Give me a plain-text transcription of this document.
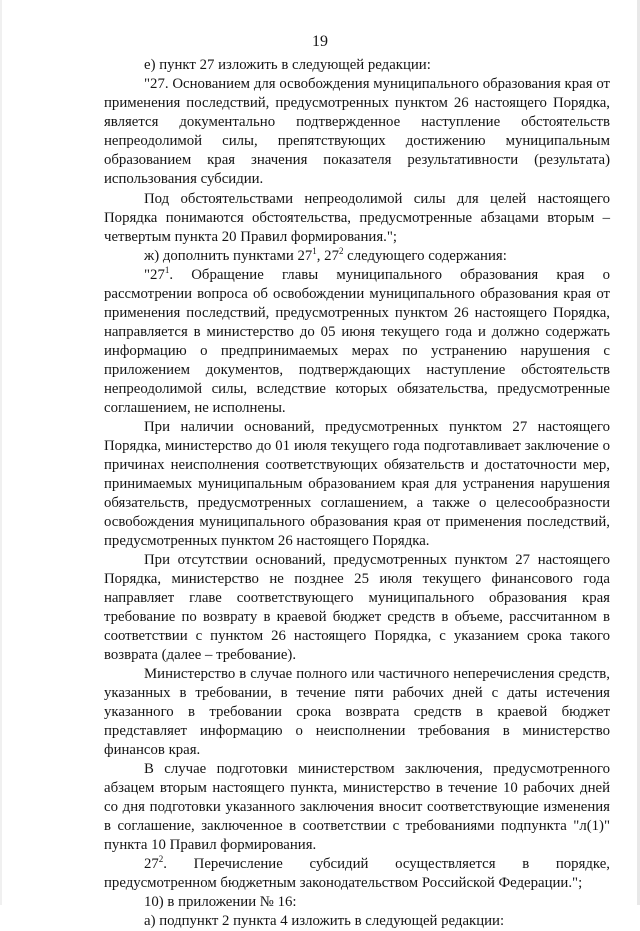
19

е) пункт 27 изложить в следующей редакции:

"27. Основанием для освобождения муниципального образования края от применения последствий, предусмотренных пунктом 26 настоящего Порядка, является документально подтвержденное наступление обстоятельств непреодолимой силы, препятствующих достижению муниципальным образованием края значения показателя результативности (результата) использования субсидии.

Под обстоятельствами непреодолимой силы для целей настоящего Порядка понимаются обстоятельства, предусмотренные абзацами вторым – четвертым пункта 20 Правил формирования.";

ж) дополнить пунктами $27^1$, $27^2$ следующего содержания:

"$27^1$. Обращение главы муниципального образования края о рассмотрении вопроса об освобождении муниципального образования края от применения последствий, предусмотренных пунктом 26 настоящего Порядка, направляется в министерство до 05 июня текущего года и должно содержать информацию о предпринимаемых мерах по устранению нарушения с приложением документов, подтверждающих наступление обстоятельств непреодолимой силы, вследствие которых обязательства, предусмотренные соглашением, не исполнены.

При наличии оснований, предусмотренных пунктом 27 настоящего Порядка, министерство до 01 июля текущего года подготавливает заключение о причинах неисполнения соответствующих обязательств и достаточности мер, принимаемых муниципальным образованием края для устранения нарушения обязательств, предусмотренных соглашением, а также о целесообразности освобождения муниципального образования края от применения последствий, предусмотренных пунктом 26 настоящего Порядка.

При отсутствии оснований, предусмотренных пунктом 27 настоящего Порядка, министерство не позднее 25 июля текущего финансового года направляет главе соответствующего муниципального образования края требование по возврату в краевой бюджет средств в объеме, рассчитанном в соответствии с пунктом 26 настоящего Порядка, с указанием срока такого возврата (далее – требование).

Министерство в случае полного или частичного неперечисления средств, указанных в требовании, в течение пяти рабочих дней с даты истечения указанного в требовании срока возврата средств в краевой бюджет представляет информацию о неисполнении требования в министерство финансов края.

В случае подготовки министерством заключения, предусмотренного абзацем вторым настоящего пункта, министерство в течение 10 рабочих дней со дня подготовки указанного заключения вносит соответствующие изменения в соглашение, заключенное в соответствии с требованиями подпункта "л(1)" пункта 10 Правил формирования.

$27^2$. Перечисление субсидий осуществляется в порядке, предусмотренном бюджетным законодательством Российской Федерации.";

10) в приложении № 16:

а) подпункт 2 пункта 4 изложить в следующей редакции:
